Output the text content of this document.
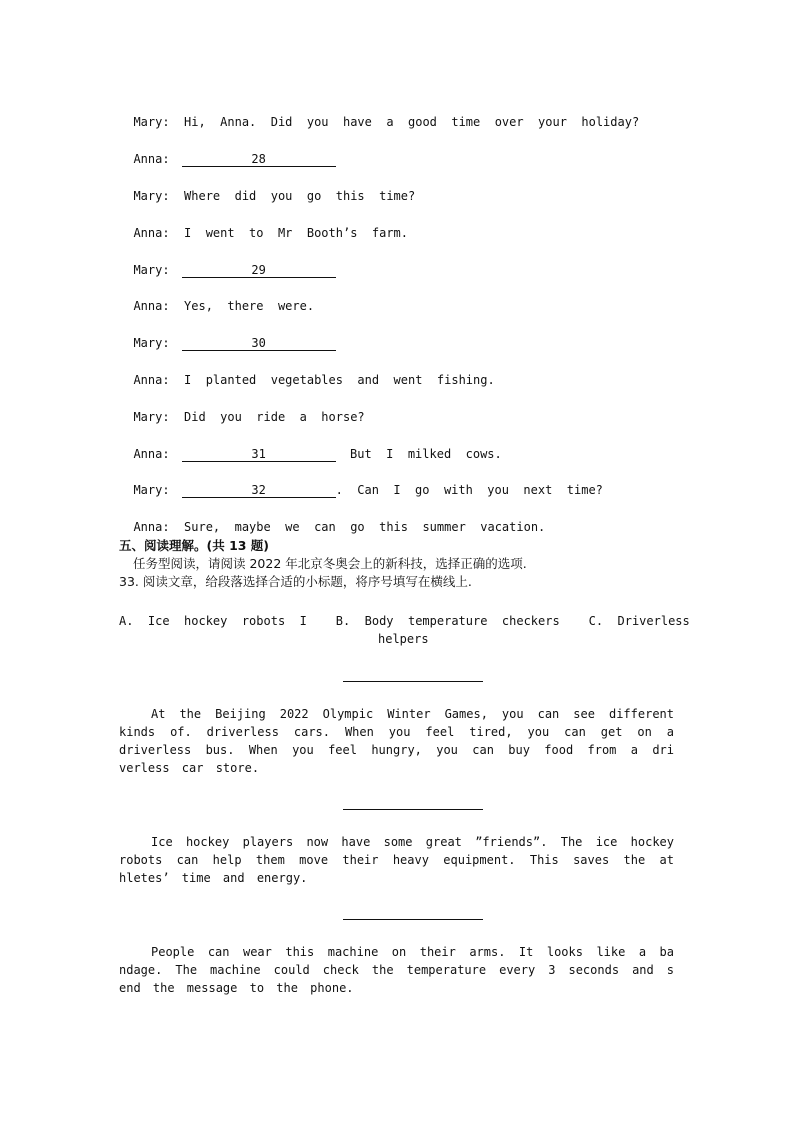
Mary: Hi,  Anna.  Did  you  have  a  good  time  over  your  holiday?

Anna:	28

Mary: Where  did  you  go  this  time?

Anna: I  went  to  Mr  Booth’s  farm.

Mary:	29

Anna: Yes,  there  were.

Mary:	30

Anna: I  planted  vegetables  and  went  fishing.

Mary: Did  you  ride  a  horse?

Anna:	31	But  I  milked  cows.

Mary:	32	.  Can  I  go  with  you  next  time?

Anna: Sure,  maybe  we  can  go  this  summer  vacation.

五、阅读理解。(共 13 题)
任务型阅读，请阅读 2022 年北京冬奥会上的新科技，选择正确的选项.
33. 阅读文章，给段落选择合适的小标题，将序号填写在横线上.
A.  Ice  hockey  robots  I    B.  Body  temperature  checkers    C.  Driverless
helpers
At the Beijing 2022 Olympic Winter Games, you can see different kinds of. driverless cars. When you feel tired, you can get on a driverless bus. When you feel hungry, you can buy food from a dri verless car store.
Ice hockey players now have some great ”friends”. The ice hockey robots can help them move their heavy equipment. This saves the at hletes’ time and energy.
People can wear this machine on their arms. It looks like a ba ndage. The machine could check the temperature every 3 seconds and s end the message to the phone.
